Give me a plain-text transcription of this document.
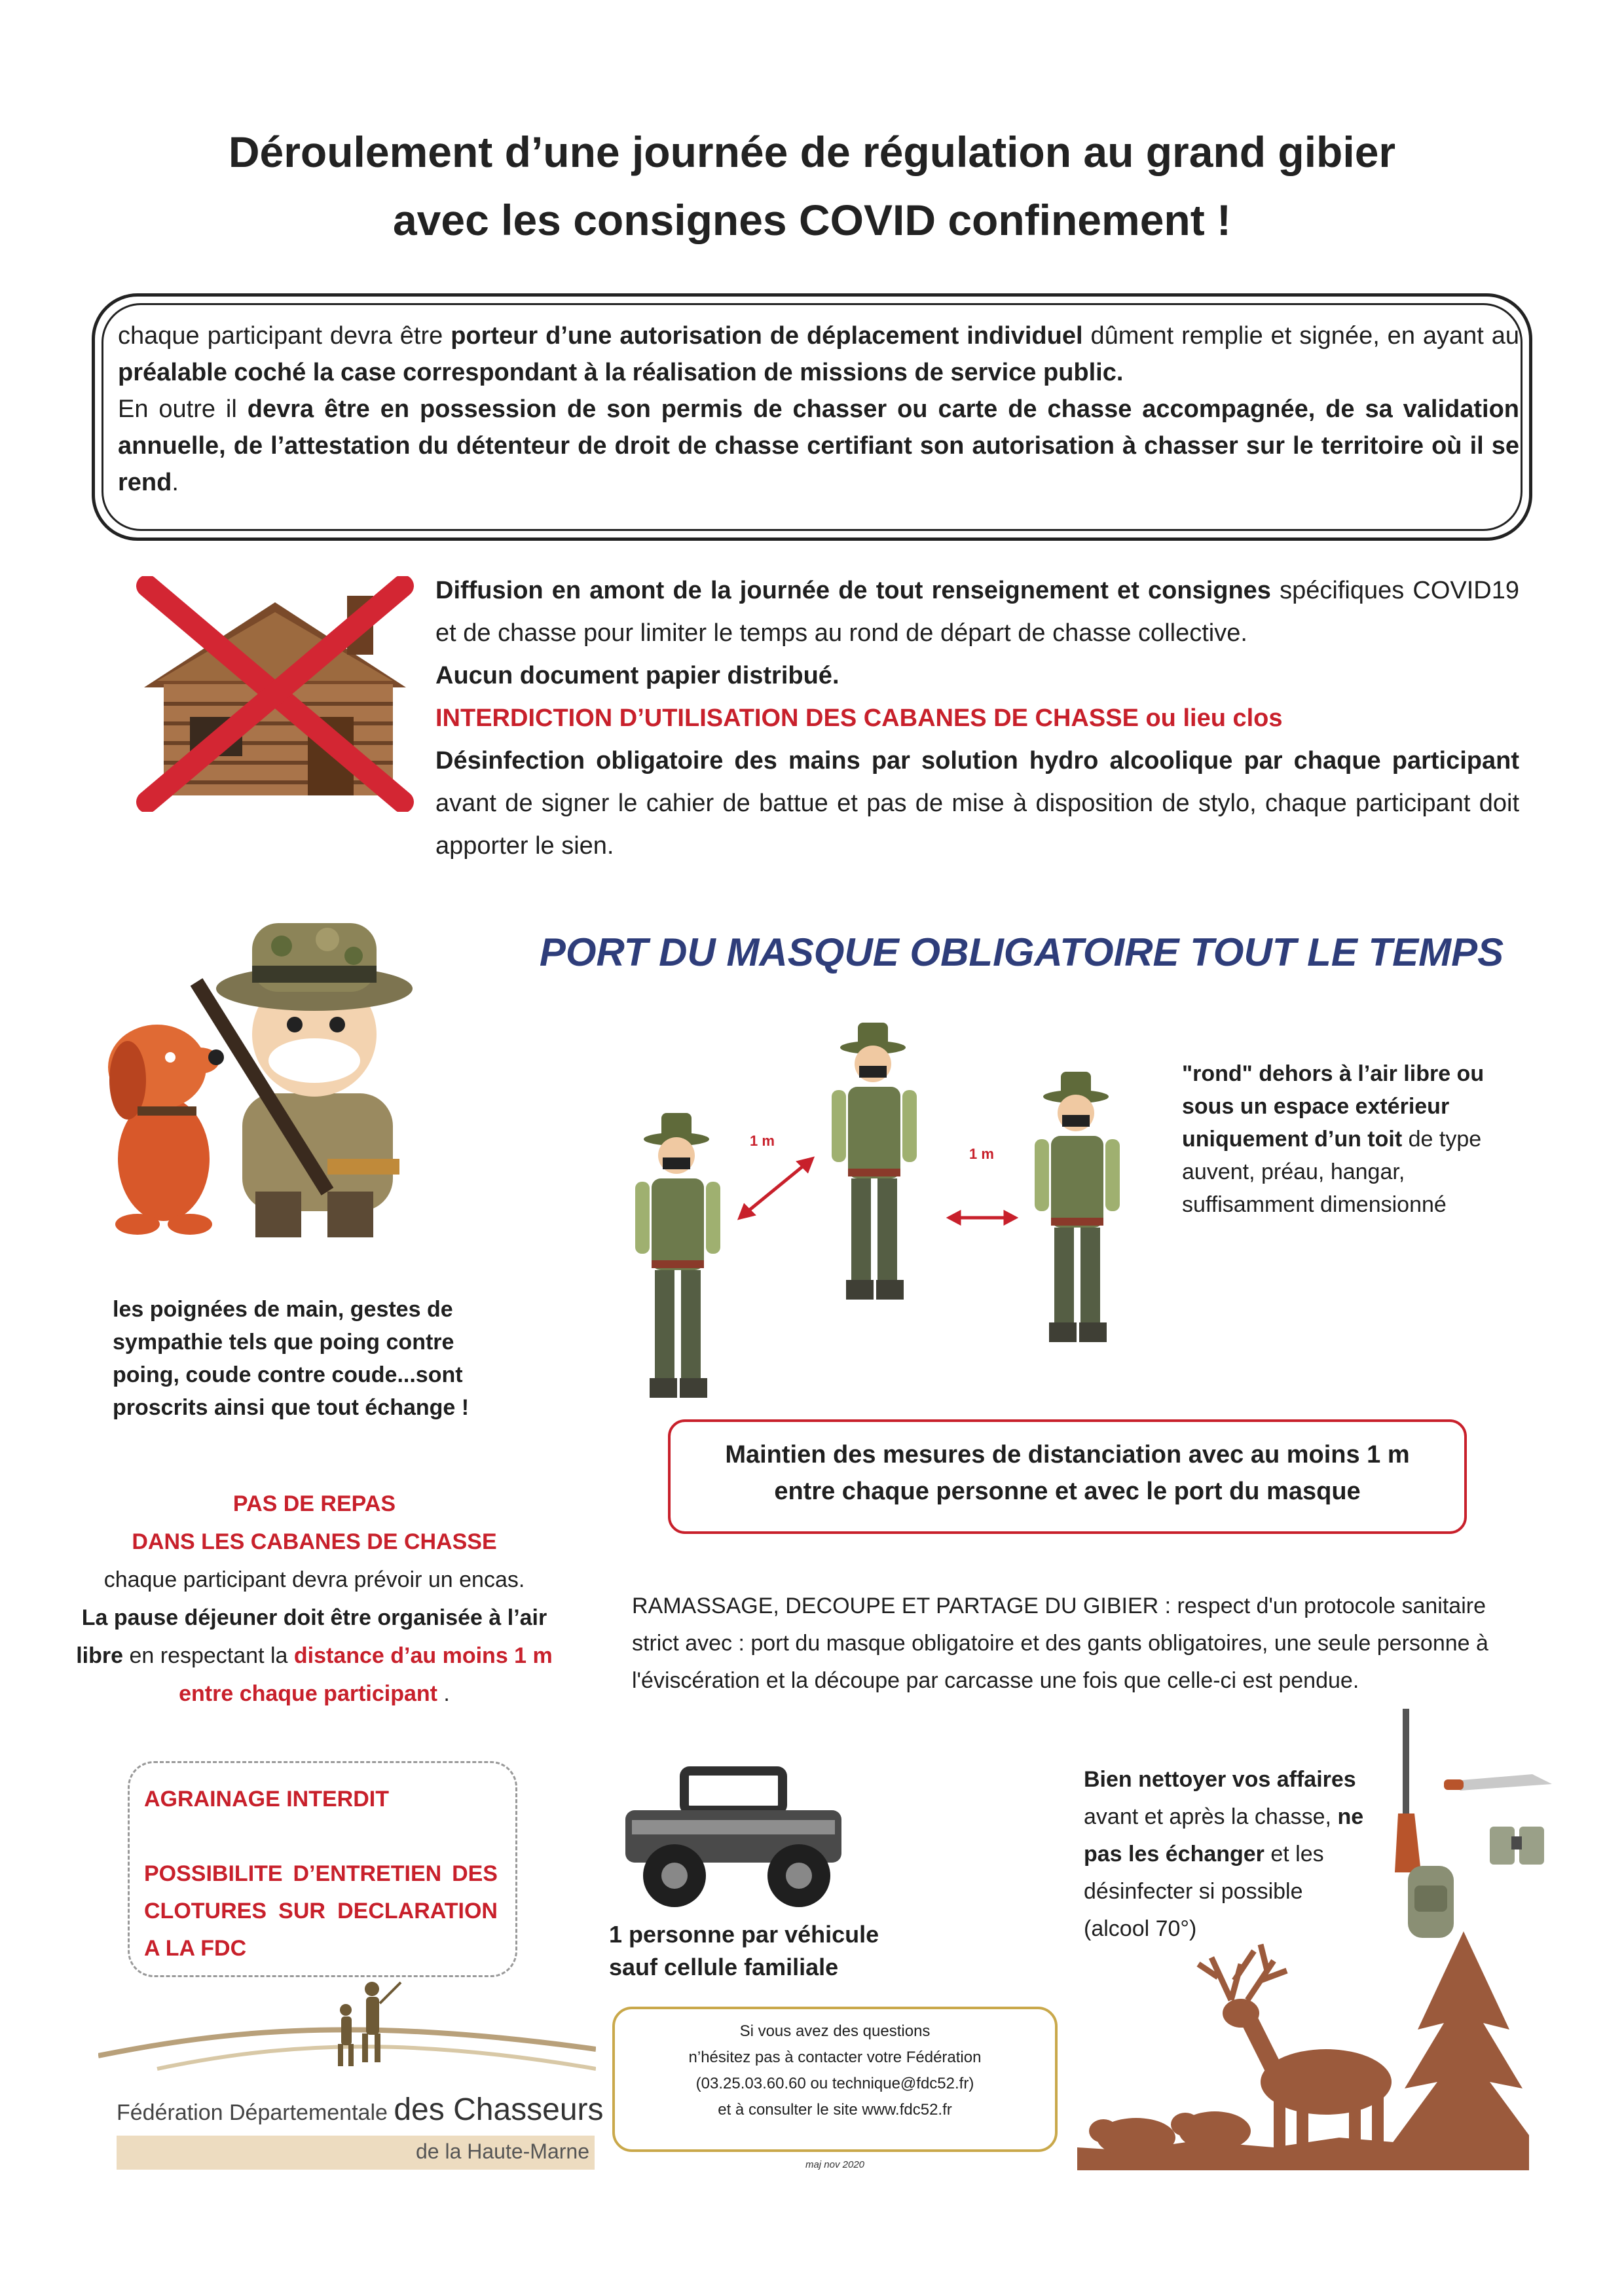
Déroulement d’une journée de régulation au grand gibier
avec les consignes COVID confinement !

chaque participant devra être porteur d’une autorisation de déplacement individuel dûment remplie et signée, en ayant au préalable coché la case correspondant à la réalisation de missions de service public.

En outre il devra être en possession de son permis de chasser ou carte de chasse accompagnée, de sa validation annuelle, de l’attestation du détenteur de droit de chasse certifiant son autorisation à chasser sur le territoire où il se rend.

Diffusion en amont de la journée de tout renseignement et consignes spécifiques COVID19 et de chasse pour limiter le temps au rond de départ de chasse collective.

Aucun document papier distribué.

INTERDICTION D’UTILISATION DES CABANES DE CHASSE ou lieu clos

Désinfection obligatoire des mains par solution hydro alcoolique par chaque participant avant de signer le cahier de battue et pas de mise à disposition de stylo, chaque participant doit apporter le sien.

PORT DU MASQUE OBLIGATOIRE TOUT LE TEMPS
1 m
1 m
"rond" dehors à l’air libre ou sous un espace extérieur uniquement d’un toit de type auvent, préau, hangar, suffisamment dimensionné
les poignées de main, gestes de sympathie tels que poing contre poing, coude contre coude...sont proscrits ainsi que tout échange !
Maintien des mesures de distanciation avec au moins 1 m
entre chaque personne et avec le port du masque

PAS DE REPAS

DANS LES CABANES DE CHASSE

chaque participant devra prévoir un encas.

La pause déjeuner doit être organisée à l’air libre en respectant la distance d’au moins 1 m entre chaque participant .

RAMASSAGE, DECOUPE ET PARTAGE DU GIBIER : respect d'un protocole sanitaire strict avec : port du masque obligatoire et des gants obligatoires, une seule personne à l'éviscération et la découpe par carcasse une fois que celle-ci est pendue.

AGRAINAGE INTERDIT

POSSIBILITE D’ENTRETIEN DES CLOTURES SUR DECLARATION A LA FDC

1 personne par véhicule
sauf cellule familiale
Bien nettoyer vos affaires avant et après la chasse, ne pas les échanger et les désinfecter si possible (alcool 70°)
Fédération Départementale des Chasseurs
de la Haute-Marne

Si vous avez des questions

n’hésitez pas à contacter votre Fédération

(03.25.03.60.60 ou technique@fdc52.fr)

et à consulter le site www.fdc52.fr

maj nov 2020
